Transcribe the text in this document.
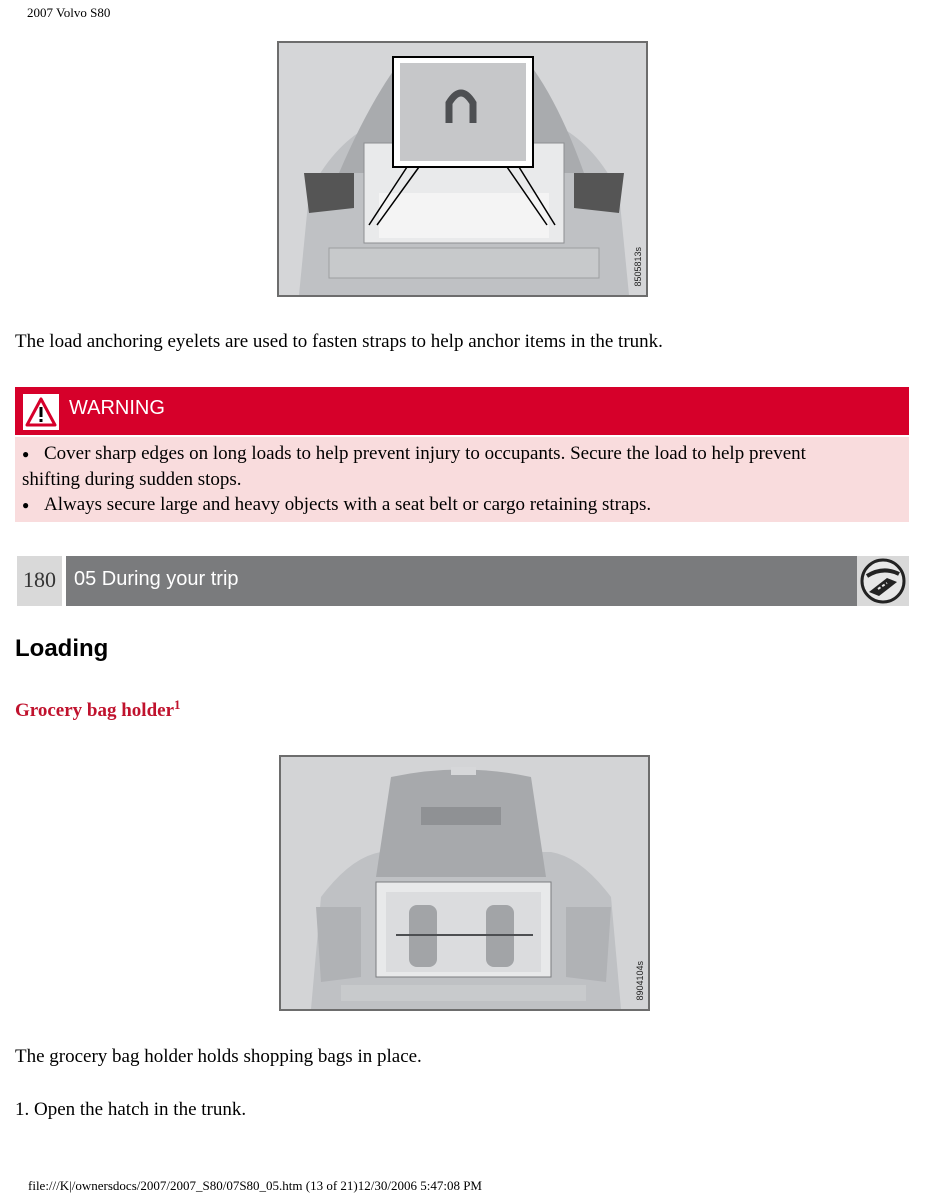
2007 Volvo S80
8505813s
The load anchoring eyelets are used to fasten straps to help anchor items in the trunk.
WARNING
● Cover sharp edges on long loads to help prevent injury to occupants. Secure the load to help prevent
shifting during sudden stops.
● Always secure large and heavy objects with a seat belt or cargo retaining straps.
180 05 During your trip
Loading
Grocery bag holder$^1$
8904104s
The grocery bag holder holds shopping bags in place.
1. Open the hatch in the trunk.
file:///K|/ownersdocs/2007/2007_S80/07S80_05.htm (13 of 21)12/30/2006 5:47:08 PM
